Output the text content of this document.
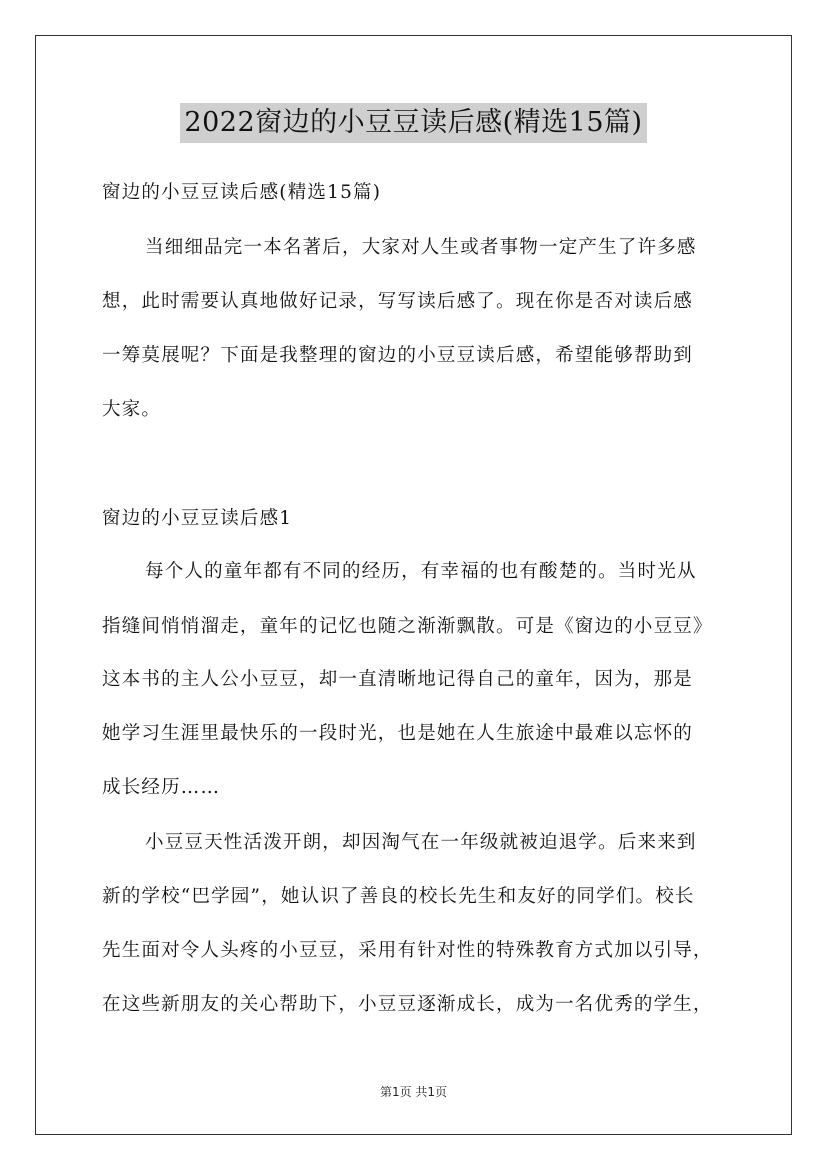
2022窗边的小豆豆读后感(精选15篇)
窗边的小豆豆读后感(精选15篇)
当细细品完一本名著后，大家对人生或者事物一定产生了许多感
想，此时需要认真地做好记录，写写读后感了。现在你是否对读后感
一筹莫展呢？下面是我整理的窗边的小豆豆读后感，希望能够帮助到
大家。
窗边的小豆豆读后感1
每个人的童年都有不同的经历，有幸福的也有酸楚的。当时光从
指缝间悄悄溜走，童年的记忆也随之渐渐飘散。可是《窗边的小豆豆》
这本书的主人公小豆豆，却一直清晰地记得自己的童年，因为，那是
她学习生涯里最快乐的一段时光，也是她在人生旅途中最难以忘怀的
成长经历……
小豆豆天性活泼开朗，却因淘气在一年级就被迫退学。后来来到
新的学校“巴学园”，她认识了善良的校长先生和友好的同学们。校长
先生面对令人头疼的小豆豆，采用有针对性的特殊教育方式加以引导，
在这些新朋友的关心帮助下，小豆豆逐渐成长，成为一名优秀的学生，
第1页 共1页
